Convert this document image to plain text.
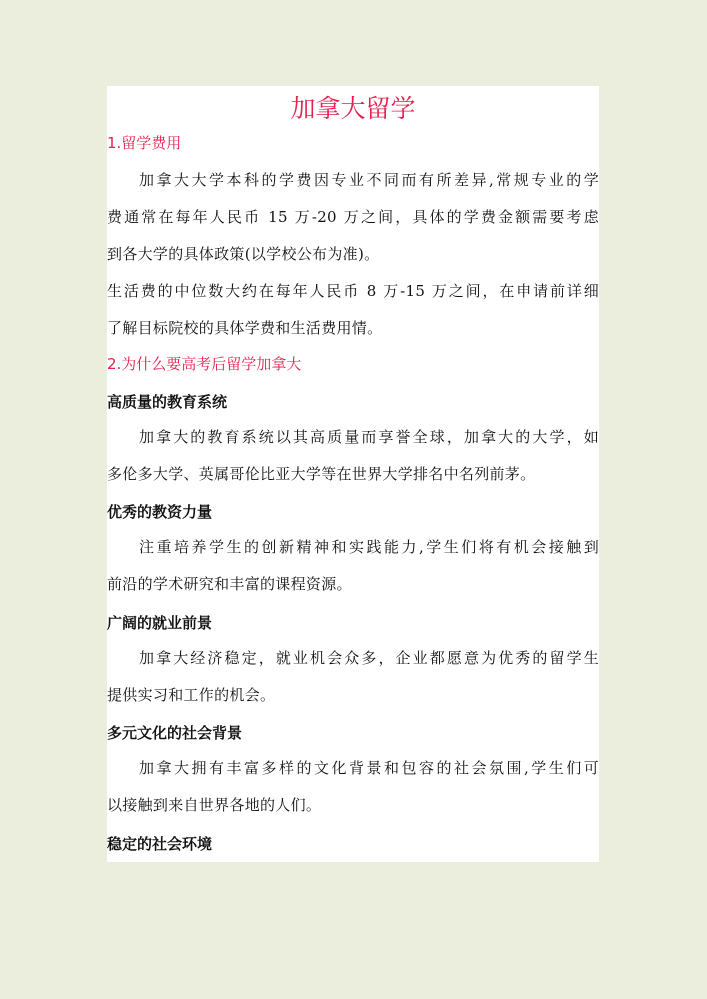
加拿大留学
1.留学费用
加拿大大学本科的学费因专业不同而有所差异,常规专业的学
费通常在每年人民币 15 万-20 万之间，具体的学费金额需要考虑
到各大学的具体政策(以学校公布为准)。
生活费的中位数大约在每年人民币 8 万-15 万之间，在申请前详细
了解目标院校的具体学费和生活费用情。
2.为什么要高考后留学加拿大
高质量的教育系统
加拿大的教育系统以其高质量而享誉全球，加拿大的大学，如
多伦多大学、英属哥伦比亚大学等在世界大学排名中名列前茅。
优秀的教资力量
注重培养学生的创新精神和实践能力,学生们将有机会接触到
前沿的学术研究和丰富的课程资源。
广阔的就业前景
加拿大经济稳定，就业机会众多，企业都愿意为优秀的留学生
提供实习和工作的机会。
多元文化的社会背景
加拿大拥有丰富多样的文化背景和包容的社会氛围,学生们可
以接触到来自世界各地的人们。
稳定的社会环境
